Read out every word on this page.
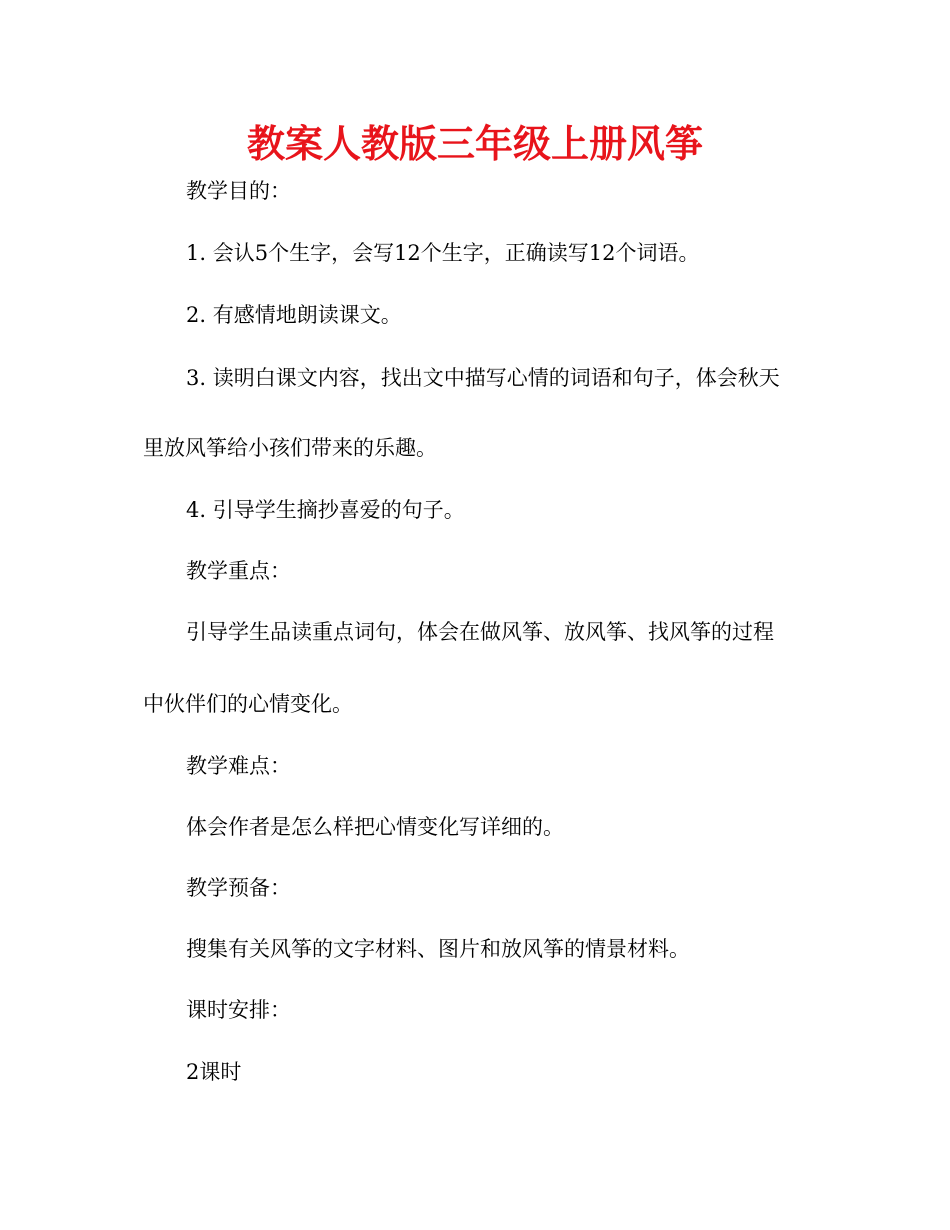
教案人教版三年级上册风筝
教学目的：
1. 会认5个生字，会写12个生字，正确读写12个词语。
2. 有感情地朗读课文。
3. 读明白课文内容，找出文中描写心情的词语和句子，体会秋天
里放风筝给小孩们带来的乐趣。
4. 引导学生摘抄喜爱的句子。
教学重点：
引导学生品读重点词句，体会在做风筝、放风筝、找风筝的过程
中伙伴们的心情变化。
教学难点：
体会作者是怎么样把心情变化写详细的。
教学预备：
搜集有关风筝的文字材料、图片和放风筝的情景材料。
课时安排：
2课时
